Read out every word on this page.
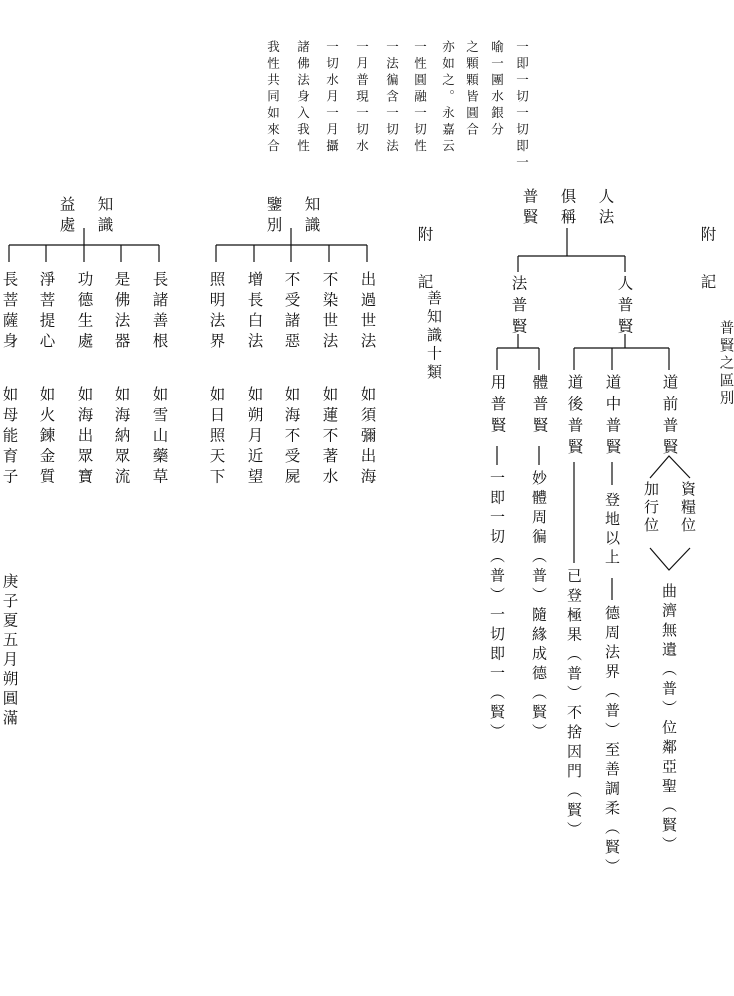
一即一切一切即一
喻一團水銀分
之顆顆皆圓合
亦如之。永嘉云
一性圓融一切性
一法徧含一切法
一月普現一切水
一切水月一月攝
諸佛法身入我性
我性共同如來合
附 記
普賢之區別
人法
俱稱
普賢
人普賢
法普賢
道前普賢
資糧位
加行位
曲濟無遺（普）位鄰亞聖（賢）
道中普賢
登地以上
德周法界（普）至善調柔（賢）
道後普賢
已登極果（普）不捨因門（賢）
體普賢
妙體周徧（普）隨緣成德（賢）
用普賢
一即一切（普）一切即一（賢）
附 記
善知識十類
知識
鑒別
出過世法
不染世法
不受諸惡
增長白法
照明法界
如須彌出海
如蓮不著水
如海不受屍
如朔月近望
如日照天下
知識
益處
長諸善根
是佛法器
功德生處
淨菩提心
長菩薩身
如雪山藥草
如海納眾流
如海出眾寶
如火鍊金質
如母能育子
庚子夏五月朔圓滿
